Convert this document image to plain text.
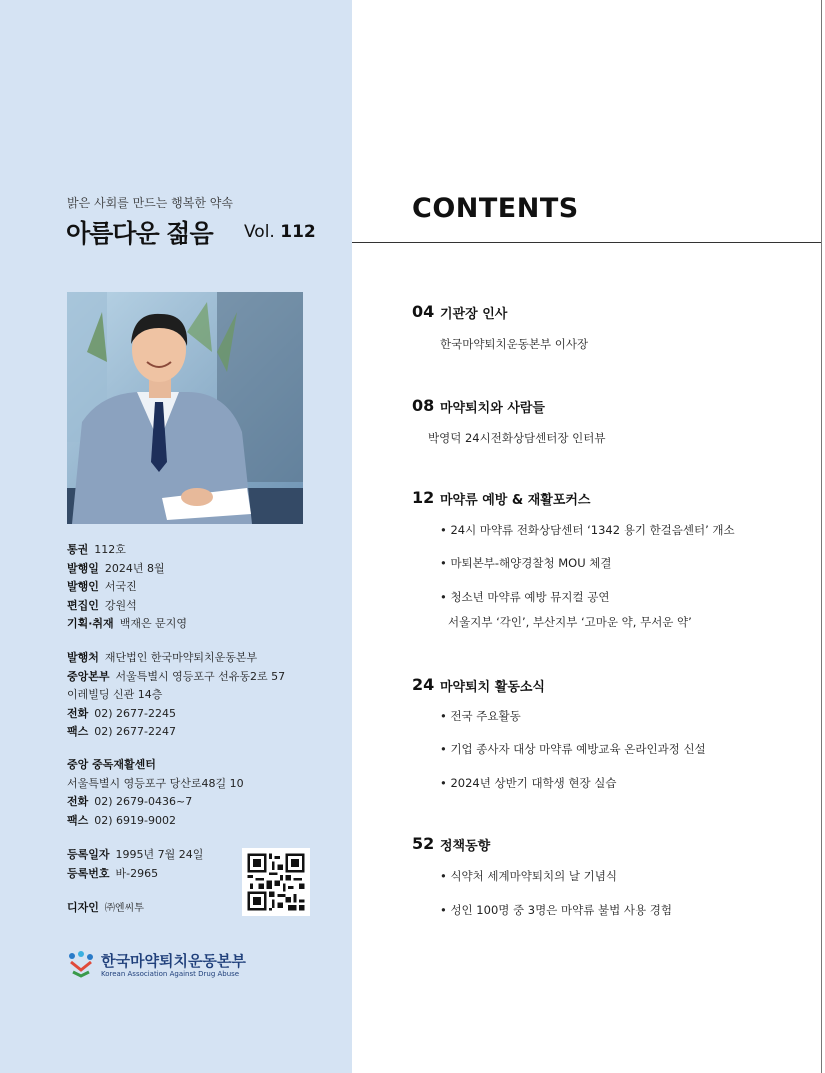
밝은 사회를 만드는 행복한 약속
아름다운 젊음 Vol. 112
통권 112호
발행일 2024년 8월
발행인 서국진
편집인 강원석
기획·취재 백재은 문지영
발행처 재단법인 한국마약퇴치운동본부
중앙본부 서울특별시 영등포구 선유동2로 57
이레빌딩 신관 14층
전화 02) 2677-2245
팩스 02) 2677-2247
중앙 중독재활센터
서울특별시 영등포구 당산로48길 10
전화 02) 2679-0436~7
팩스 02) 6919-9002
등록일자 1995년 7월 24일
등록번호 바-2965
디자인 ㈜엔씨투
한국마약퇴치운동본부
Korean Association Against Drug Abuse
CONTENTS
04 기관장 인사
한국마약퇴치운동본부 이사장
08 마약퇴치와 사람들
박영덕 24시전화상담센터장 인터뷰
12 마약류 예방 & 재활포커스
• 24시 마약류 전화상담센터 ‘1342 용기 한걸음센터’ 개소
• 마퇴본부-해양경찰청 MOU 체결
• 청소년 마약류 예방 뮤지컬 공연
서울지부 ‘각인’, 부산지부 ‘고마운 약, 무서운 약’
24 마약퇴치 활동소식
• 전국 주요활동
• 기업 종사자 대상 마약류 예방교육 온라인과정 신설
• 2024년 상반기 대학생 현장 실습
52 정책동향
• 식약처 세계마약퇴치의 날 기념식
• 성인 100명 중 3명은 마약류 불법 사용 경험
